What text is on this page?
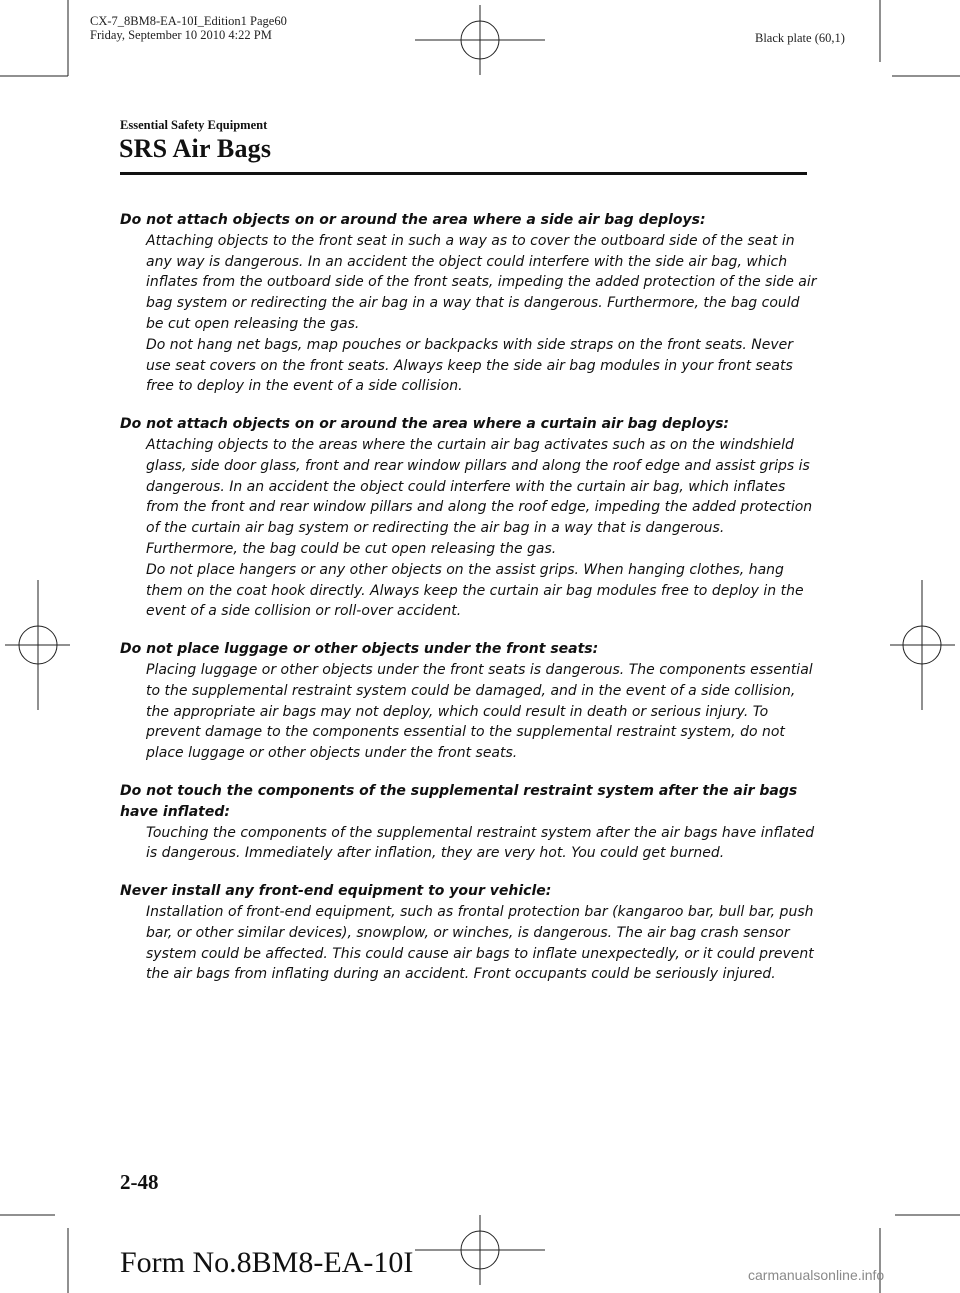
CX-7_8BM8-EA-10I_Edition1 Page60
Friday, September 10 2010 4:22 PM	Black plate (60,1)
Essential Safety Equipment
SRS Air Bags

Do not attach objects on or around the area where a side air bag deploys:

Attaching objects to the front seat in such a way as to cover the outboard side of the seat in any way is dangerous. In an accident the object could interfere with the side air bag, which inflates from the outboard side of the front seats, impeding the added protection of the side air bag system or redirecting the air bag in a way that is dangerous. Furthermore, the bag could be cut open releasing the gas.

Do not hang net bags, map pouches or backpacks with side straps on the front seats. Never use seat covers on the front seats. Always keep the side air bag modules in your front seats free to deploy in the event of a side collision.

Do not attach objects on or around the area where a curtain air bag deploys:

Attaching objects to the areas where the curtain air bag activates such as on the windshield glass, side door glass, front and rear window pillars and along the roof edge and assist grips is dangerous. In an accident the object could interfere with the curtain air bag, which inflates from the front and rear window pillars and along the roof edge, impeding the added protection of the curtain air bag system or redirecting the air bag in a way that is dangerous. Furthermore, the bag could be cut open releasing the gas.

Do not place hangers or any other objects on the assist grips. When hanging clothes, hang them on the coat hook directly. Always keep the curtain air bag modules free to deploy in the event of a side collision or roll-over accident.

Do not place luggage or other objects under the front seats:

Placing luggage or other objects under the front seats is dangerous. The components essential to the supplemental restraint system could be damaged, and in the event of a side collision, the appropriate air bags may not deploy, which could result in death or serious injury. To prevent damage to the components essential to the supplemental restraint system, do not place luggage or other objects under the front seats.

Do not touch the components of the supplemental restraint system after the air bags have inflated:

Touching the components of the supplemental restraint system after the air bags have inflated is dangerous. Immediately after inflation, they are very hot. You could get burned.

Never install any front-end equipment to your vehicle:

Installation of front-end equipment, such as frontal protection bar (kangaroo bar, bull bar, push bar, or other similar devices), snowplow, or winches, is dangerous. The air bag crash sensor system could be affected. This could cause air bags to inflate unexpectedly, or it could prevent the air bags from inflating during an accident. Front occupants could be seriously injured.

2-48
Form No.8BM8-EA-10I	carmanualsonline.info
